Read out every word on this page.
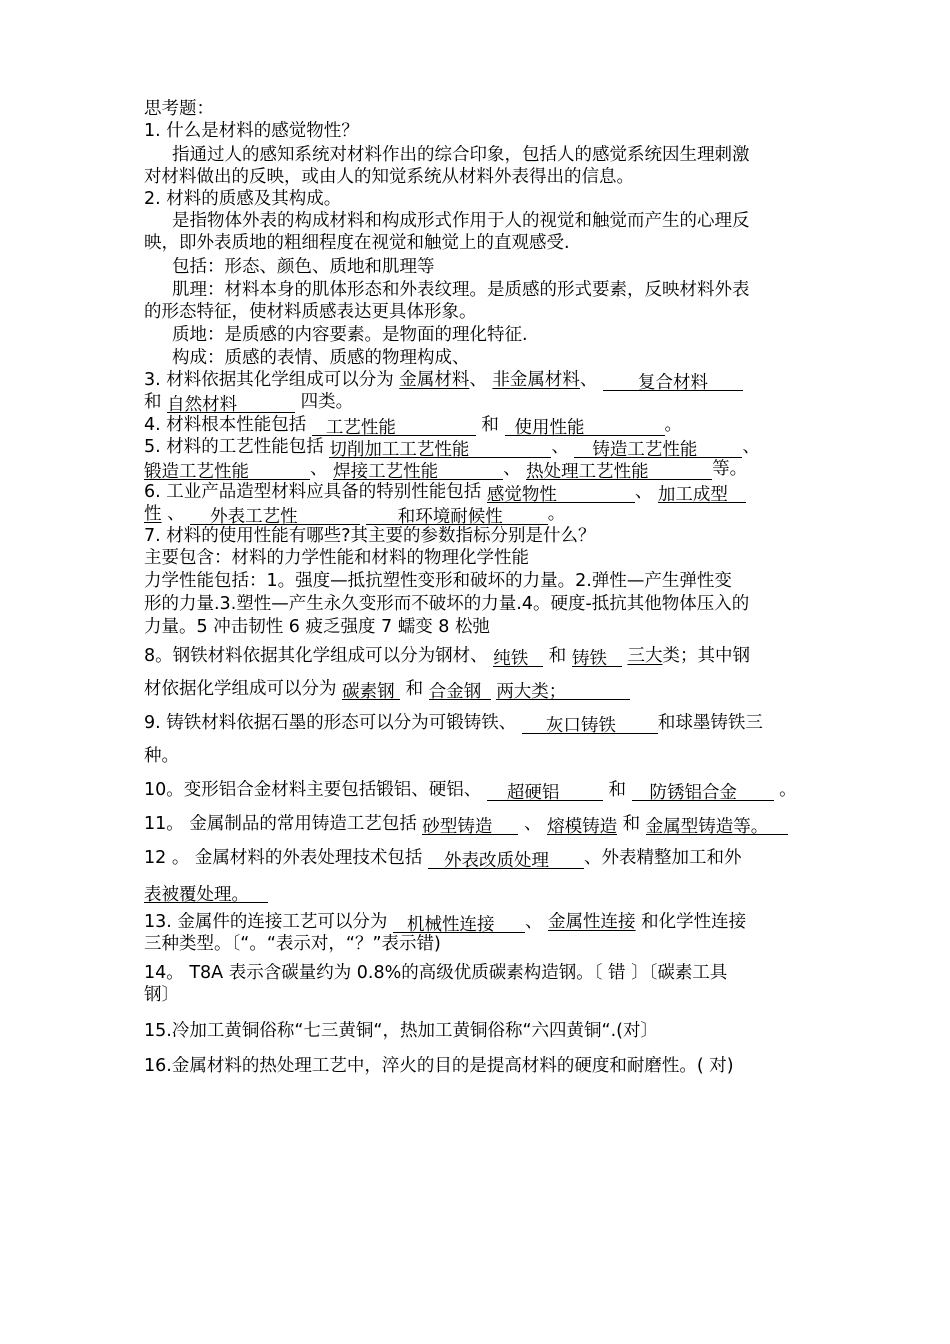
思考题：
1. 什么是材料的感觉物性？
指通过人的感知系统对材料作出的综合印象，包括人的感觉系统因生理刺激
对材料做出的反映，或由人的知觉系统从材料外表得出的信息。
2. 材料的质感及其构成。
是指物体外表的构成材料和构成形式作用于人的视觉和触觉而产生的心理反
映，即外表质地的粗细程度在视觉和触觉上的直观感受.
包括：形态、颜色、质地和肌理等
肌理：材料本身的肌体形态和外表纹理。是质感的形式要素，反映材料外表
的形态特征，使材料质感表达更具体形象。
质地：是质感的内容要素。是物面的理化特征.
构成：质感的表情、质感的物理构成、
3. 材料依据其化学组成可以分为 金属材料、 非金属材料、 复合材料
和 自然材料	四类。
4. 材料根本性能包括 工艺性能	和 使用性能	。
5. 材料的工艺性能包括 切削加工工艺性能	、 铸造工艺性能	、
锻造工艺性能	、 焊接工艺性能	、 热处理工艺性能	等。
6. 工业产品造型材料应具备的特别性能包括 感觉物性	、 加工成型
性 、 外表工艺性	和环境耐候性	。
7. 材料的使用性能有哪些?其主要的参数指标分别是什么？
主要包含：材料的力学性能和材料的物理化学性能
力学性能包括：1。强度—抵抗塑性变形和破坏的力量。2.弹性—产生弹性变
形的力量.3.塑性—产生永久变形而不破坏的力量.4。硬度-抵抗其他物体压入的
力量。5 冲击韧性 6 疲乏强度 7 蠕变 8 松弛
8。钢铁材料依据其化学组成可以分为钢材、 纯铁 和 铸铁 三大类；其中钢
材依据化学组成可以分为 碳素钢 和 合金钢 两大类；
9. 铸铁材料依据石墨的形态可以分为可锻铸铁、 灰口铸铁 和球墨铸铁三
种。
10。变形铝合金材料主要包括锻铝、硬铝、 超硬铝	和 防锈铝合金 。
11。 金属制品的常用铸造工艺包括 砂型铸造 、 熔模铸造 和 金属型铸造等。
12 。 金属材料的外表处理技术包括 外表改质处理 、外表精整加工和外
表被覆处理。
13. 金属件的连接工艺可以分为 机械性连接 、 金属性连接 和化学性连接
三种类型。〔“。“表示对，“？”表示错)
14。 T8A 表示含碳量约为 0.8%的高级优质碳素构造钢。〔 错 〕〔碳素工具
钢〕
15.冷加工黄铜俗称“七三黄铜“，热加工黄铜俗称“六四黄铜“.(对〕
16.金属材料的热处理工艺中，淬火的目的是提高材料的硬度和耐磨性。( 对)
